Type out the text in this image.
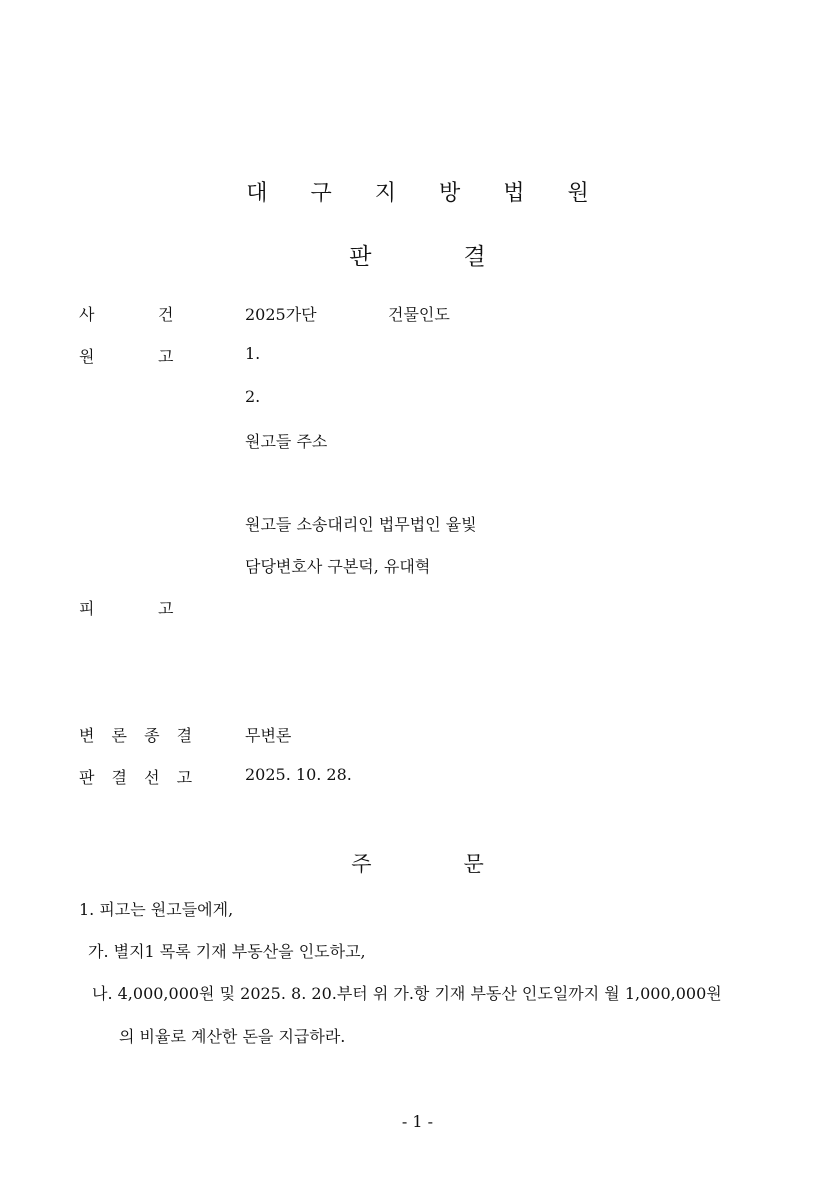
대 구 지 방 법 원
판	결
사	건	2025가단	건물인도
원	고	1.
2.
원고들 주소
원고들 소송대리인 법무법인 율빛
담당변호사 구본덕, 유대혁
피	고
변 론 종 결	무변론
판 결 선 고	2025. 10. 28.
주	문
1. 피고는 원고들에게,
가. 별지1 목록 기재 부동산을 인도하고,
나. 4,000,000원 및 2025. 8. 20.부터 위 가.항 기재 부동산 인도일까지 월 1,000,000원
의 비율로 계산한 돈을 지급하라.
- 1 -
